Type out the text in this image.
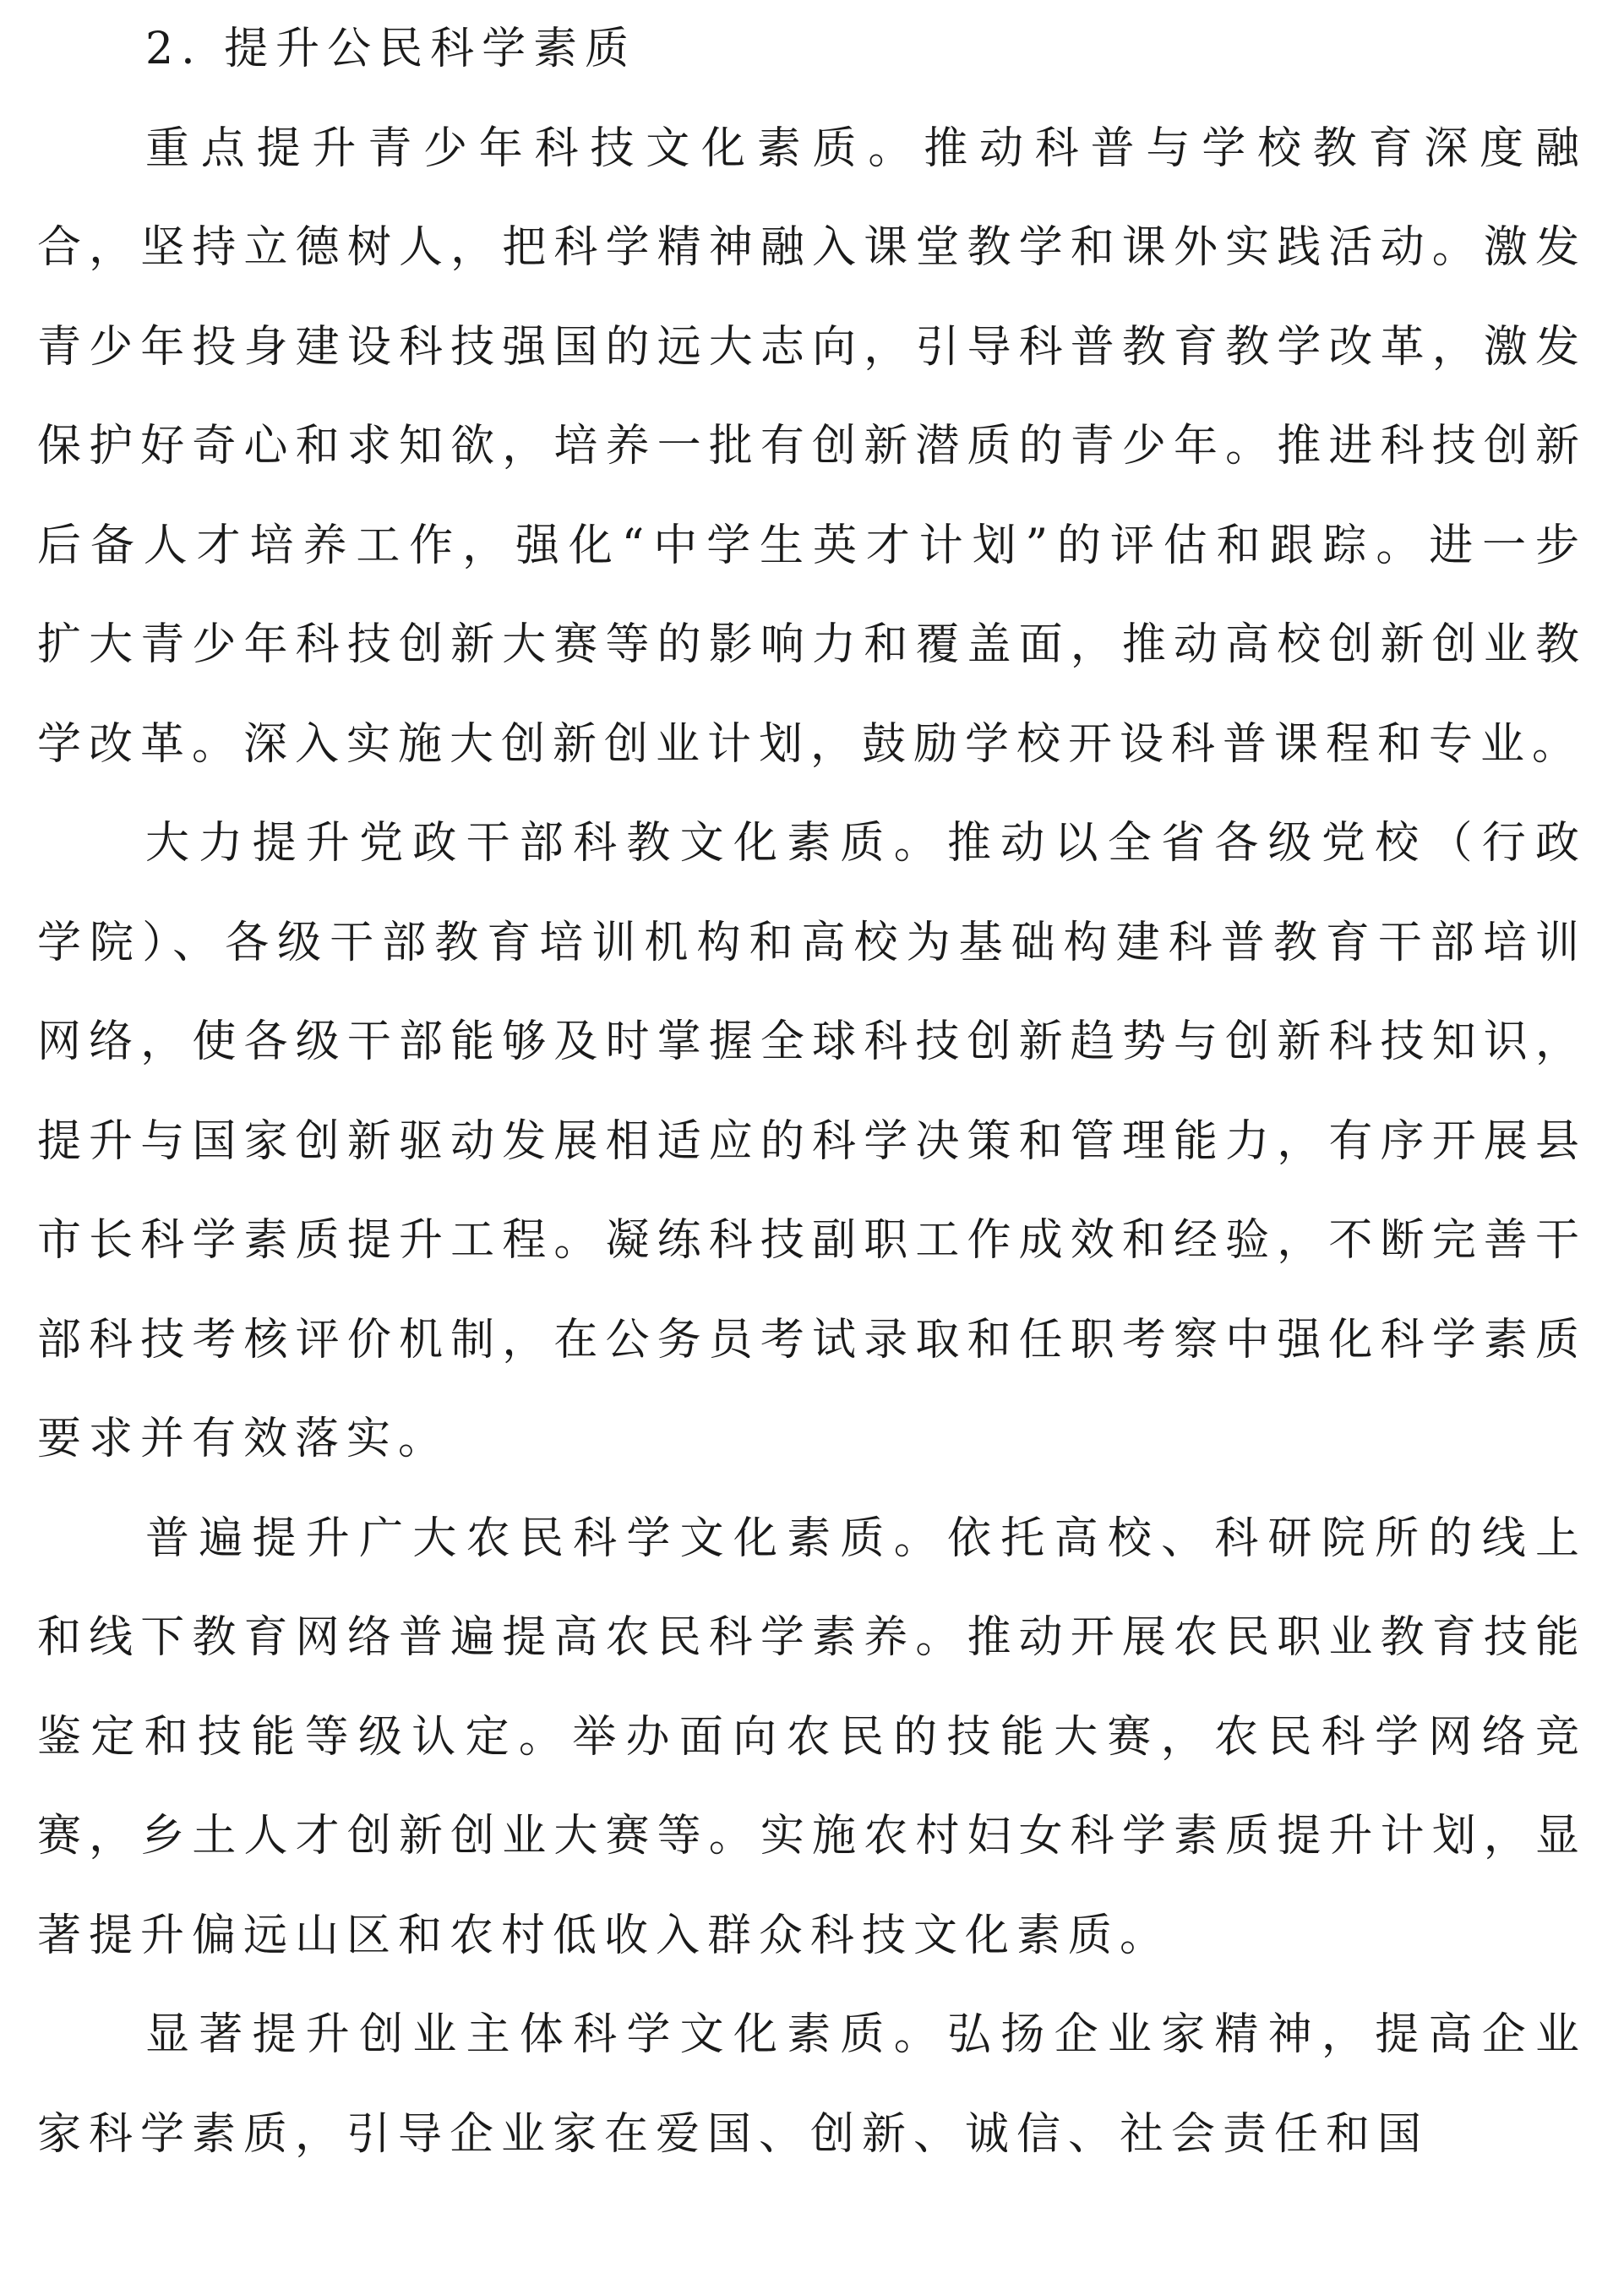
2. 提升公民科学素质

重点提升青少年科技文化素质。推动科普与学校教育深度融合，坚持立德树人，把科学精神融入课堂教学和课外实践活动。激发青少年投身建设科技强国的远大志向，引导科普教育教学改革，激发保护好奇心和求知欲，培养一批有创新潜质的青少年。推进科技创新后备人才培养工作，强化“中学生英才计划”的评估和跟踪。进一步扩大青少年科技创新大赛等的影响力和覆盖面，推动高校创新创业教学改革。深入实施大创新创业计划，鼓励学校开设科普课程和专业。

大力提升党政干部科教文化素质。推动以全省各级党校（行政学院）、各级干部教育培训机构和高校为基础构建科普教育干部培训网络，使各级干部能够及时掌握全球科技创新趋势与创新科技知识，提升与国家创新驱动发展相适应的科学决策和管理能力，有序开展县市长科学素质提升工程。凝练科技副职工作成效和经验，不断完善干部科技考核评价机制，在公务员考试录取和任职考察中强化科学素质要求并有效落实。

普遍提升广大农民科学文化素质。依托高校、科研院所的线上和线下教育网络普遍提高农民科学素养。推动开展农民职业教育技能鉴定和技能等级认定。举办面向农民的技能大赛，农民科学网络竞赛，乡土人才创新创业大赛等。实施农村妇女科学素质提升计划，显著提升偏远山区和农村低收入群众科技文化素质。

显著提升创业主体科学文化素质。弘扬企业家精神，提高企业家科学素质，引导企业家在爱国、创新、诚信、社会责任和国
